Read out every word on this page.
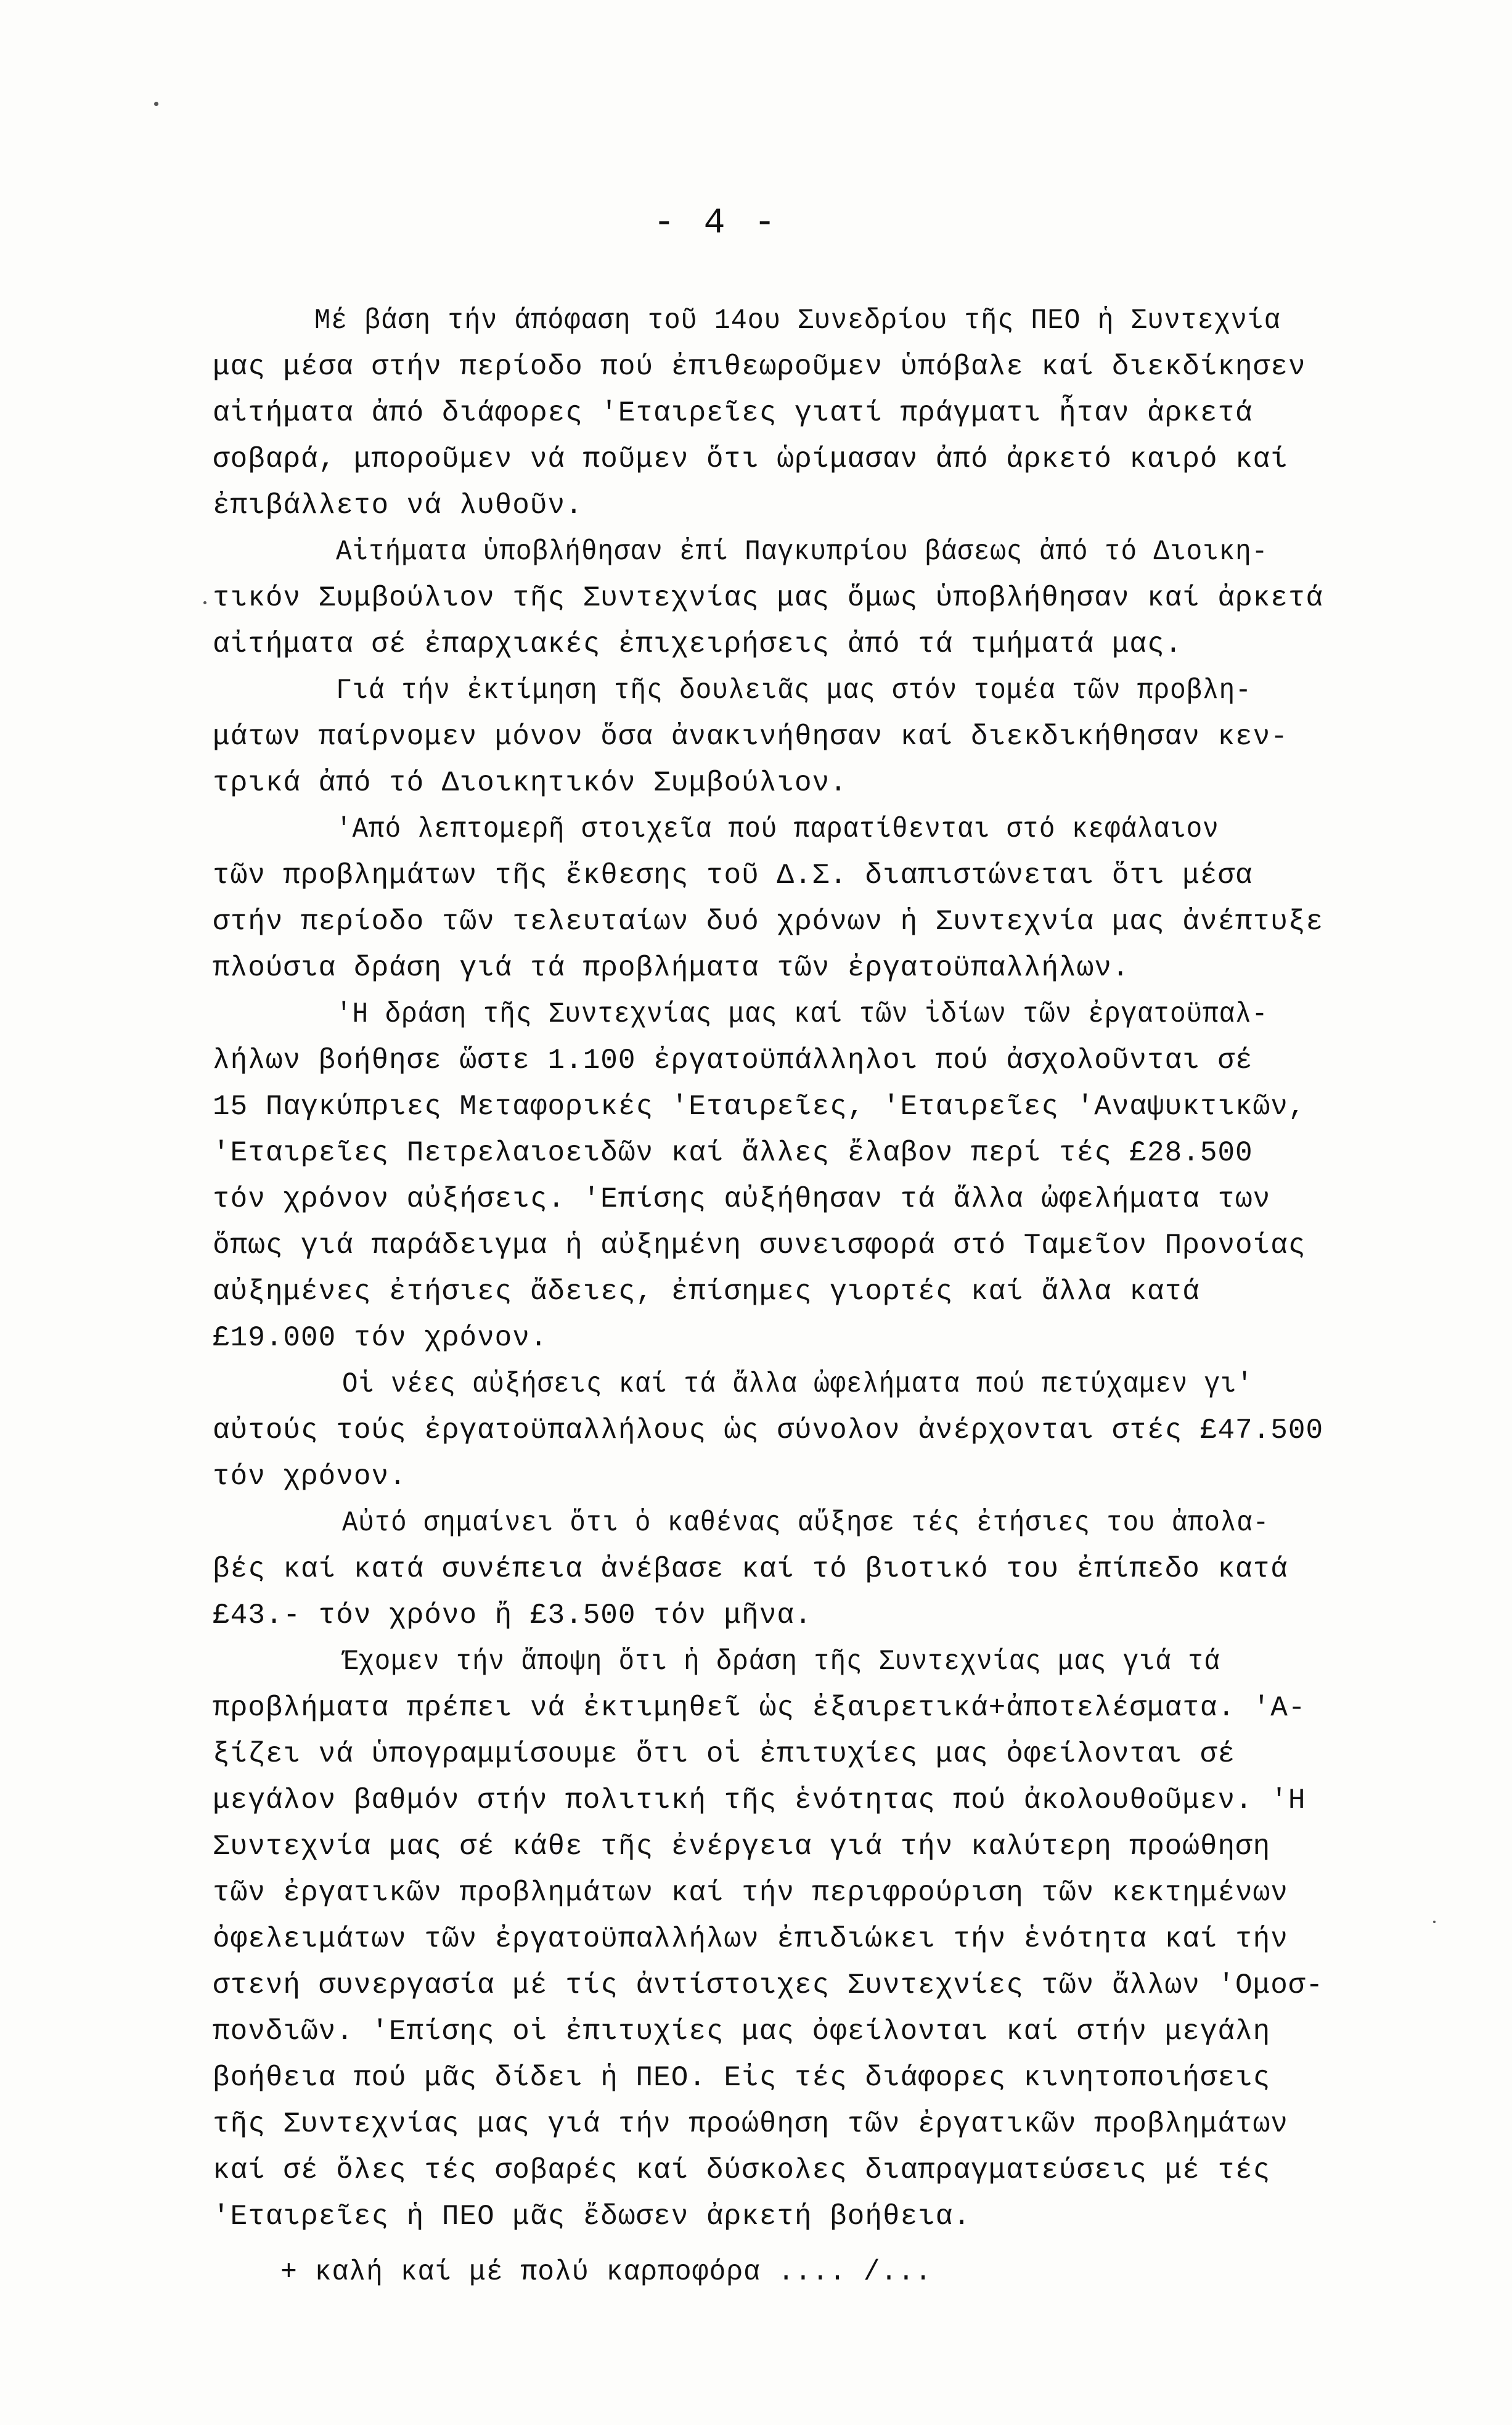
- 4 -
Μέ βάση τήν άπόφαση τοῦ 14ου Συνεδρίου τῆς ΠΕΟ ἡ Συντεχνία
μας μέσα στήν περίοδο πού ἐπιθεωροῦμεν ὑπόβαλε καί διεκδίκησεν
αἰτήματα ἀπό διάφορες 'Εταιρεῖες γιατί πράγματι ἦταν ἀρκετά
σοβαρά, μποροῦμεν νά ποῦμεν ὅτι ὡρίμασαν ἀπό ἀρκετό καιρό καί
ἐπιβάλλετο νά λυθοῦν.
Αἰτήματα ὑποβλήθησαν ἐπί Παγκυπρίου βάσεως ἀπό τό Διοικη-
τικόν Συμβούλιον τῆς Συντεχνίας μας ὅμως ὑποβλήθησαν καί ἀρκετά
αἰτήματα σέ ἐπαρχιακές ἐπιχειρήσεις ἀπό τά τμήματά μας.
Γιά τήν ἐκτίμηση τῆς δουλειᾶς μας στόν τομέα τῶν προβλη-
μάτων παίρνομεν μόνον ὅσα ἀνακινήθησαν καί διεκδικήθησαν κεν-
τρικά ἀπό τό Διοικητικόν Συμβούλιον.
'Από λεπτομερῆ στοιχεῖα πού παρατίθενται στό κεφάλαιον
τῶν προβλημάτων τῆς ἔκθεσης τοῦ Δ.Σ. διαπιστώνεται ὅτι μέσα
στήν περίοδο τῶν τελευταίων δυό χρόνων ἡ Συντεχνία μας ἀνέπτυξε
πλούσια δράση γιά τά προβλήματα τῶν ἐργατοϋπαλλήλων.
'Η δράση τῆς Συντεχνίας μας καί τῶν ἰδίων τῶν ἐργατοϋπαλ-
λήλων βοήθησε ὥστε 1.100 ἐργατοϋπάλληλοι πού ἀσχολοῦνται σέ
15 Παγκύπριες Μεταφορικές 'Εταιρεῖες, 'Εταιρεῖες 'Αναψυκτικῶν,
'Εταιρεῖες Πετρελαιοειδῶν καί ἄλλες ἔλαβον περί τές £28.500
τόν χρόνον αὐξήσεις. 'Επίσης αὐξήθησαν τά ἄλλα ὠφελήματα των
ὅπως γιά παράδειγμα ἡ αὐξημένη συνεισφορά στό Ταμεῖον Προνοίας
αὐξημένες ἐτήσιες ἄδειες, ἐπίσημες γιορτές καί ἄλλα κατά
£19.000 τόν χρόνον.
Οἱ νέες αὐξήσεις καί τά ἄλλα ὠφελήματα πού πετύχαμεν γι'
αὐτούς τούς ἐργατοϋπαλλήλους ὡς σύνολον ἀνέρχονται στές £47.500
τόν χρόνον.
Αὐτό σημαίνει ὅτι ὁ καθένας αὔξησε τές ἐτήσιες του ἀπολα-
βές καί κατά συνέπεια ἀνέβασε καί τό βιοτικό του ἐπίπεδο κατά
£43.- τόν χρόνο ἤ £3.500 τόν μῆνα.
Έχομεν τήν ἄποψη ὅτι ἡ δράση τῆς Συντεχνίας μας γιά τά
προβλήματα πρέπει νά ἐκτιμηθεῖ ὡς ἐξαιρετικά+ἀποτελέσματα. 'Α-
ξίζει νά ὑπογραμμίσουμε ὅτι οἱ ἐπιτυχίες μας ὀφείλονται σέ
μεγάλον βαθμόν στήν πολιτική τῆς ἑνότητας πού ἀκολουθοῦμεν. 'Η
Συντεχνία μας σέ κάθε τῆς ἐνέργεια γιά τήν καλύτερη προώθηση
τῶν ἐργατικῶν προβλημάτων καί τήν περιφρούριση τῶν κεκτημένων
ὀφελειμάτων τῶν ἐργατοϋπαλλήλων ἐπιδιώκει τήν ἑνότητα καί τήν
στενή συνεργασία μέ τίς ἀντίστοιχες Συντεχνίες τῶν ἄλλων 'Ομοσ-
πονδιῶν. 'Επίσης οἱ ἐπιτυχίες μας ὀφείλονται καί στήν μεγάλη
βοήθεια πού μᾶς δίδει ἡ ΠΕΟ. Εἰς τές διάφορες κινητοποιήσεις
τῆς Συντεχνίας μας γιά τήν προώθηση τῶν ἐργατικῶν προβλημάτων
καί σέ ὅλες τές σοβαρές καί δύσκολες διαπραγματεύσεις μέ τές
'Εταιρεῖες ἡ ΠΕΟ μᾶς ἔδωσεν ἀρκετή βοήθεια.
+ καλή καί μέ πολύ καρποφόρα .... /...
